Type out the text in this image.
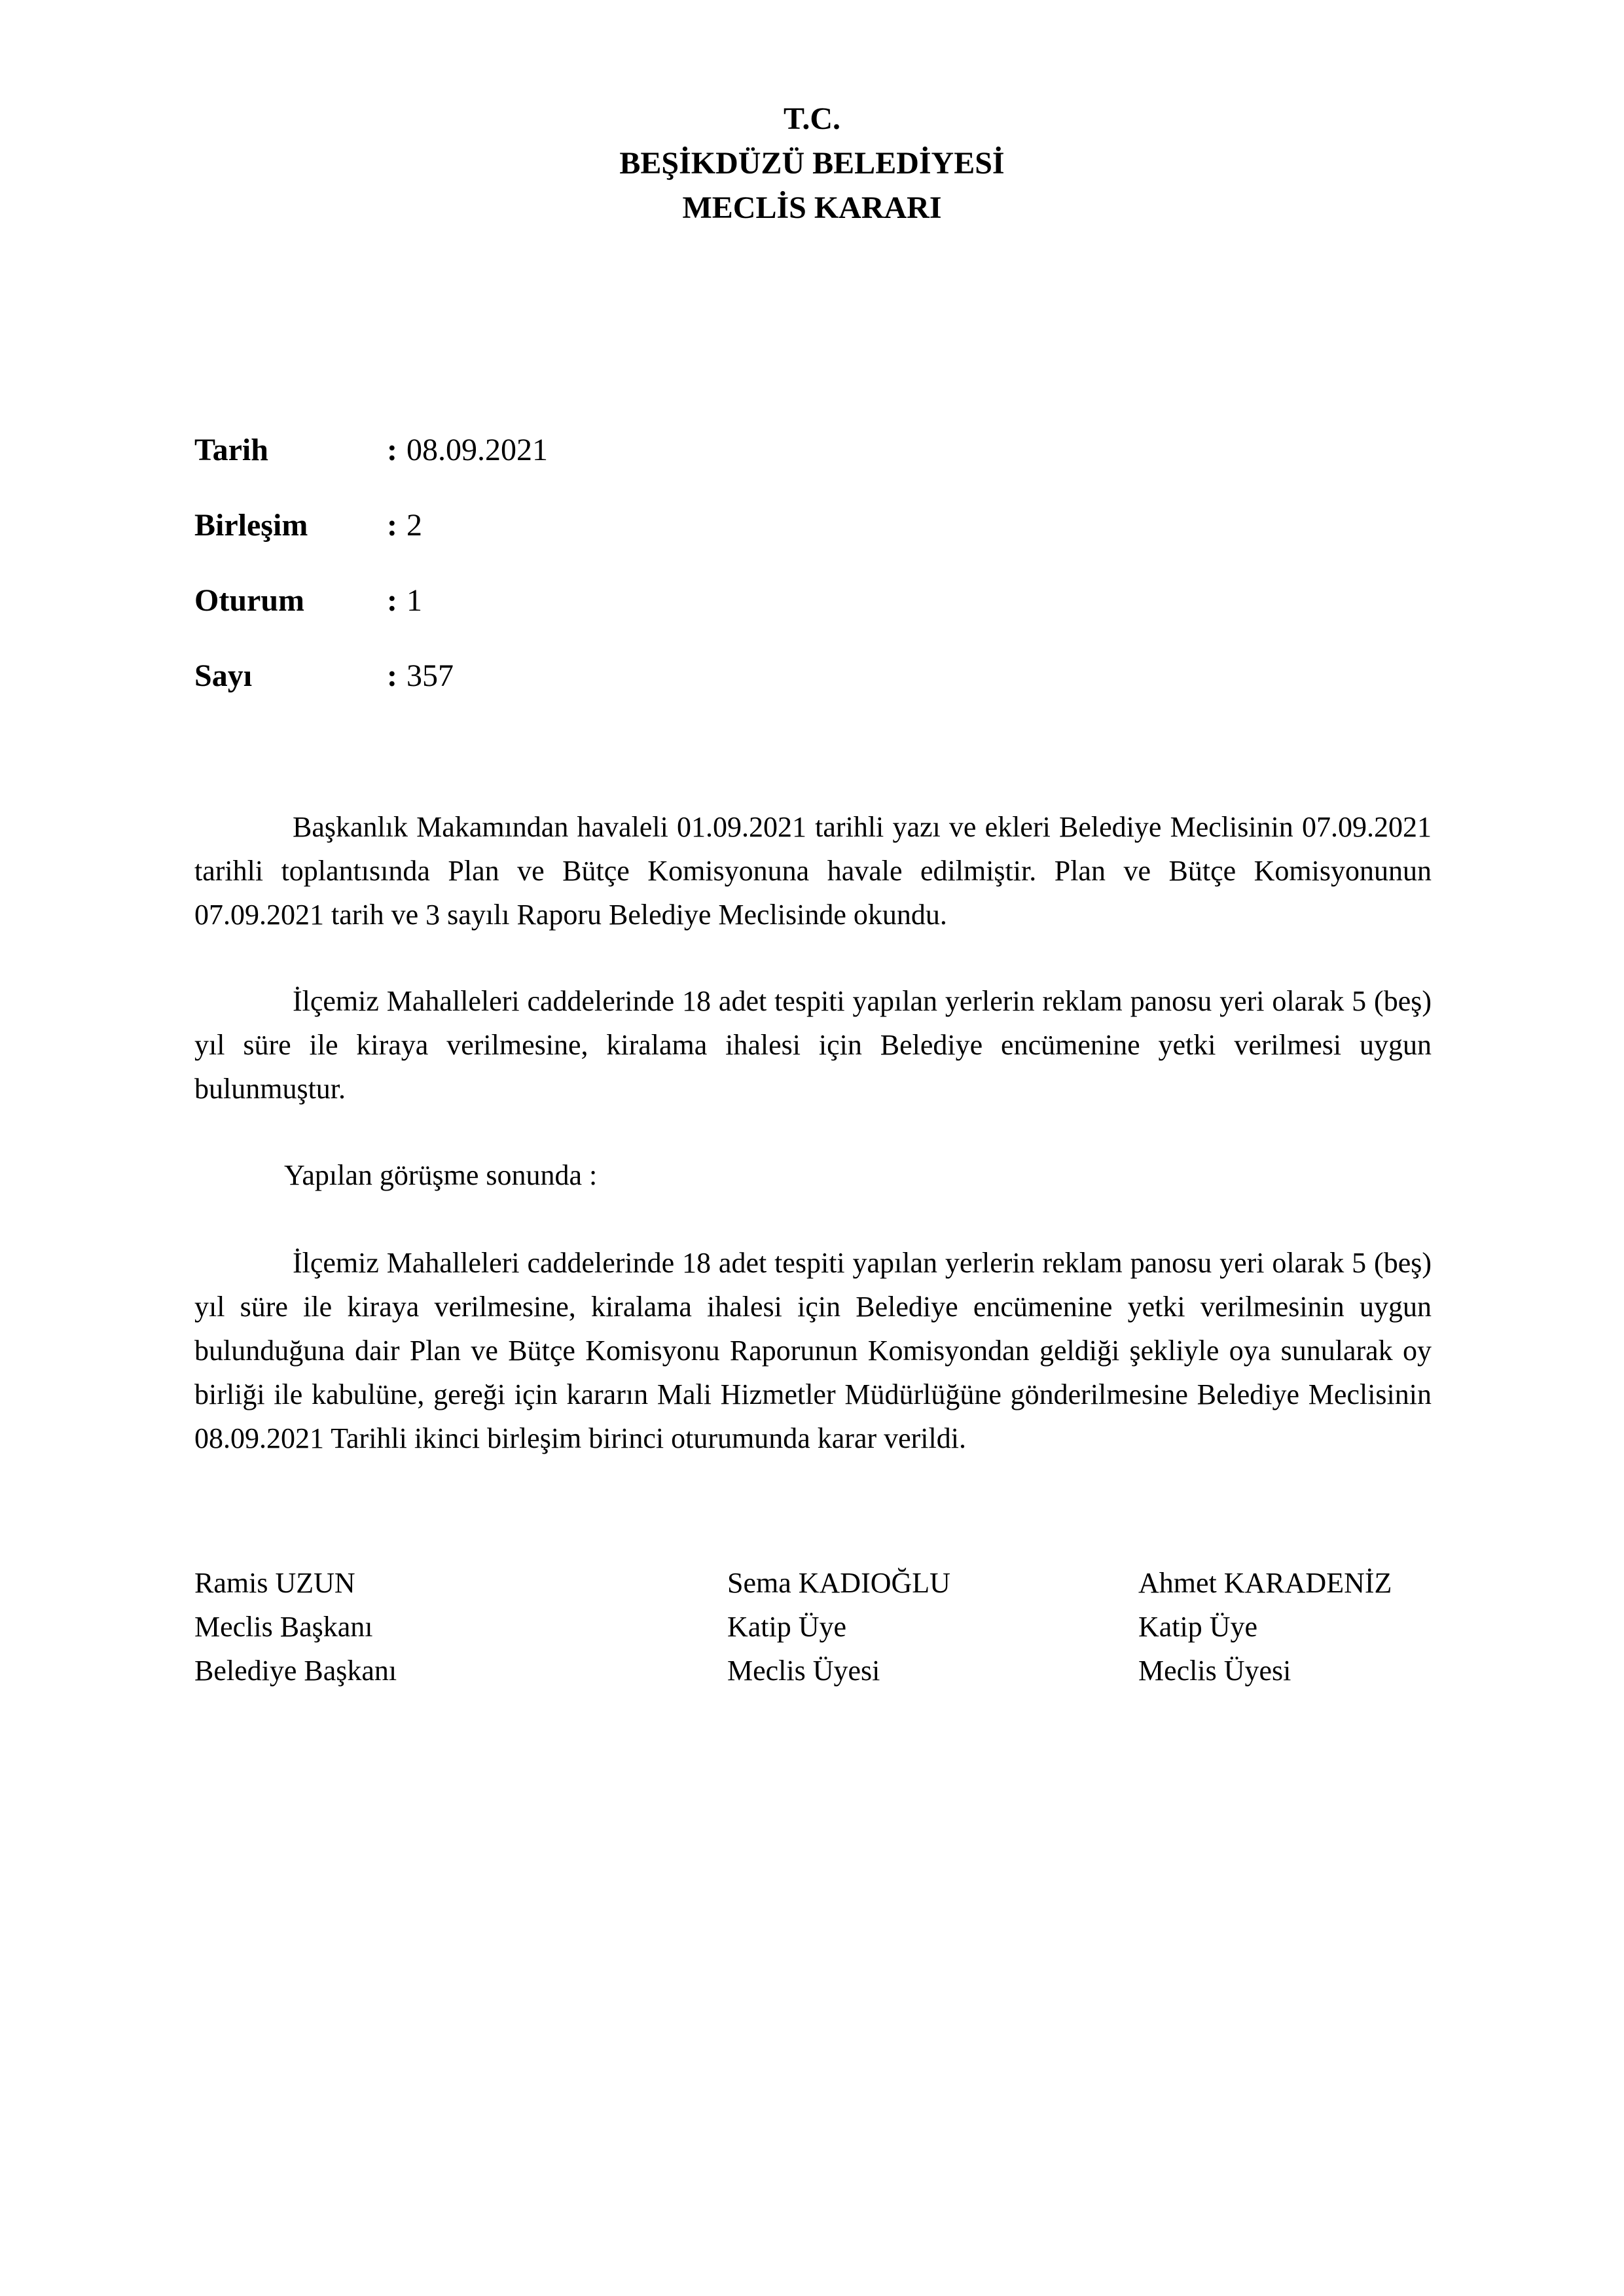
T.C.
BEŞİKDÜZÜ BELEDİYESİ
MECLİS KARARI
Tarih	: 08.09.2021
Birleşim	: 2
Oturum	: 1
Sayı	: 357

Başkanlık Makamından havaleli 01.09.2021 tarihli yazı ve ekleri Belediye Meclisinin 07.09.2021 tarihli toplantısında Plan ve Bütçe Komisyonuna havale edilmiştir. Plan ve Bütçe Komisyonunun 07.09.2021 tarih ve 3 sayılı Raporu Belediye Meclisinde okundu.

İlçemiz Mahalleleri caddelerinde 18 adet tespiti yapılan yerlerin reklam panosu yeri olarak 5 (beş) yıl süre ile kiraya verilmesine, kiralama ihalesi için Belediye encümenine yetki verilmesi uygun bulunmuştur.

Yapılan görüşme sonunda :

İlçemiz Mahalleleri caddelerinde 18 adet tespiti yapılan yerlerin reklam panosu yeri olarak 5 (beş) yıl süre ile kiraya verilmesine, kiralama ihalesi için Belediye encümenine yetki verilmesinin uygun bulunduğuna dair Plan ve Bütçe Komisyonu Raporunun Komisyondan geldiği şekliyle oya sunularak oy birliği ile kabulüne, gereği için kararın Mali Hizmetler Müdürlüğüne gönderilmesine Belediye Meclisinin 08.09.2021 Tarihli ikinci birleşim birinci oturumunda karar verildi.

Ramis UZUN
Meclis Başkanı
Belediye Başkanı
Sema KADIOĞLU
Katip Üye
Meclis Üyesi
Ahmet KARADENİZ
Katip Üye
Meclis Üyesi
